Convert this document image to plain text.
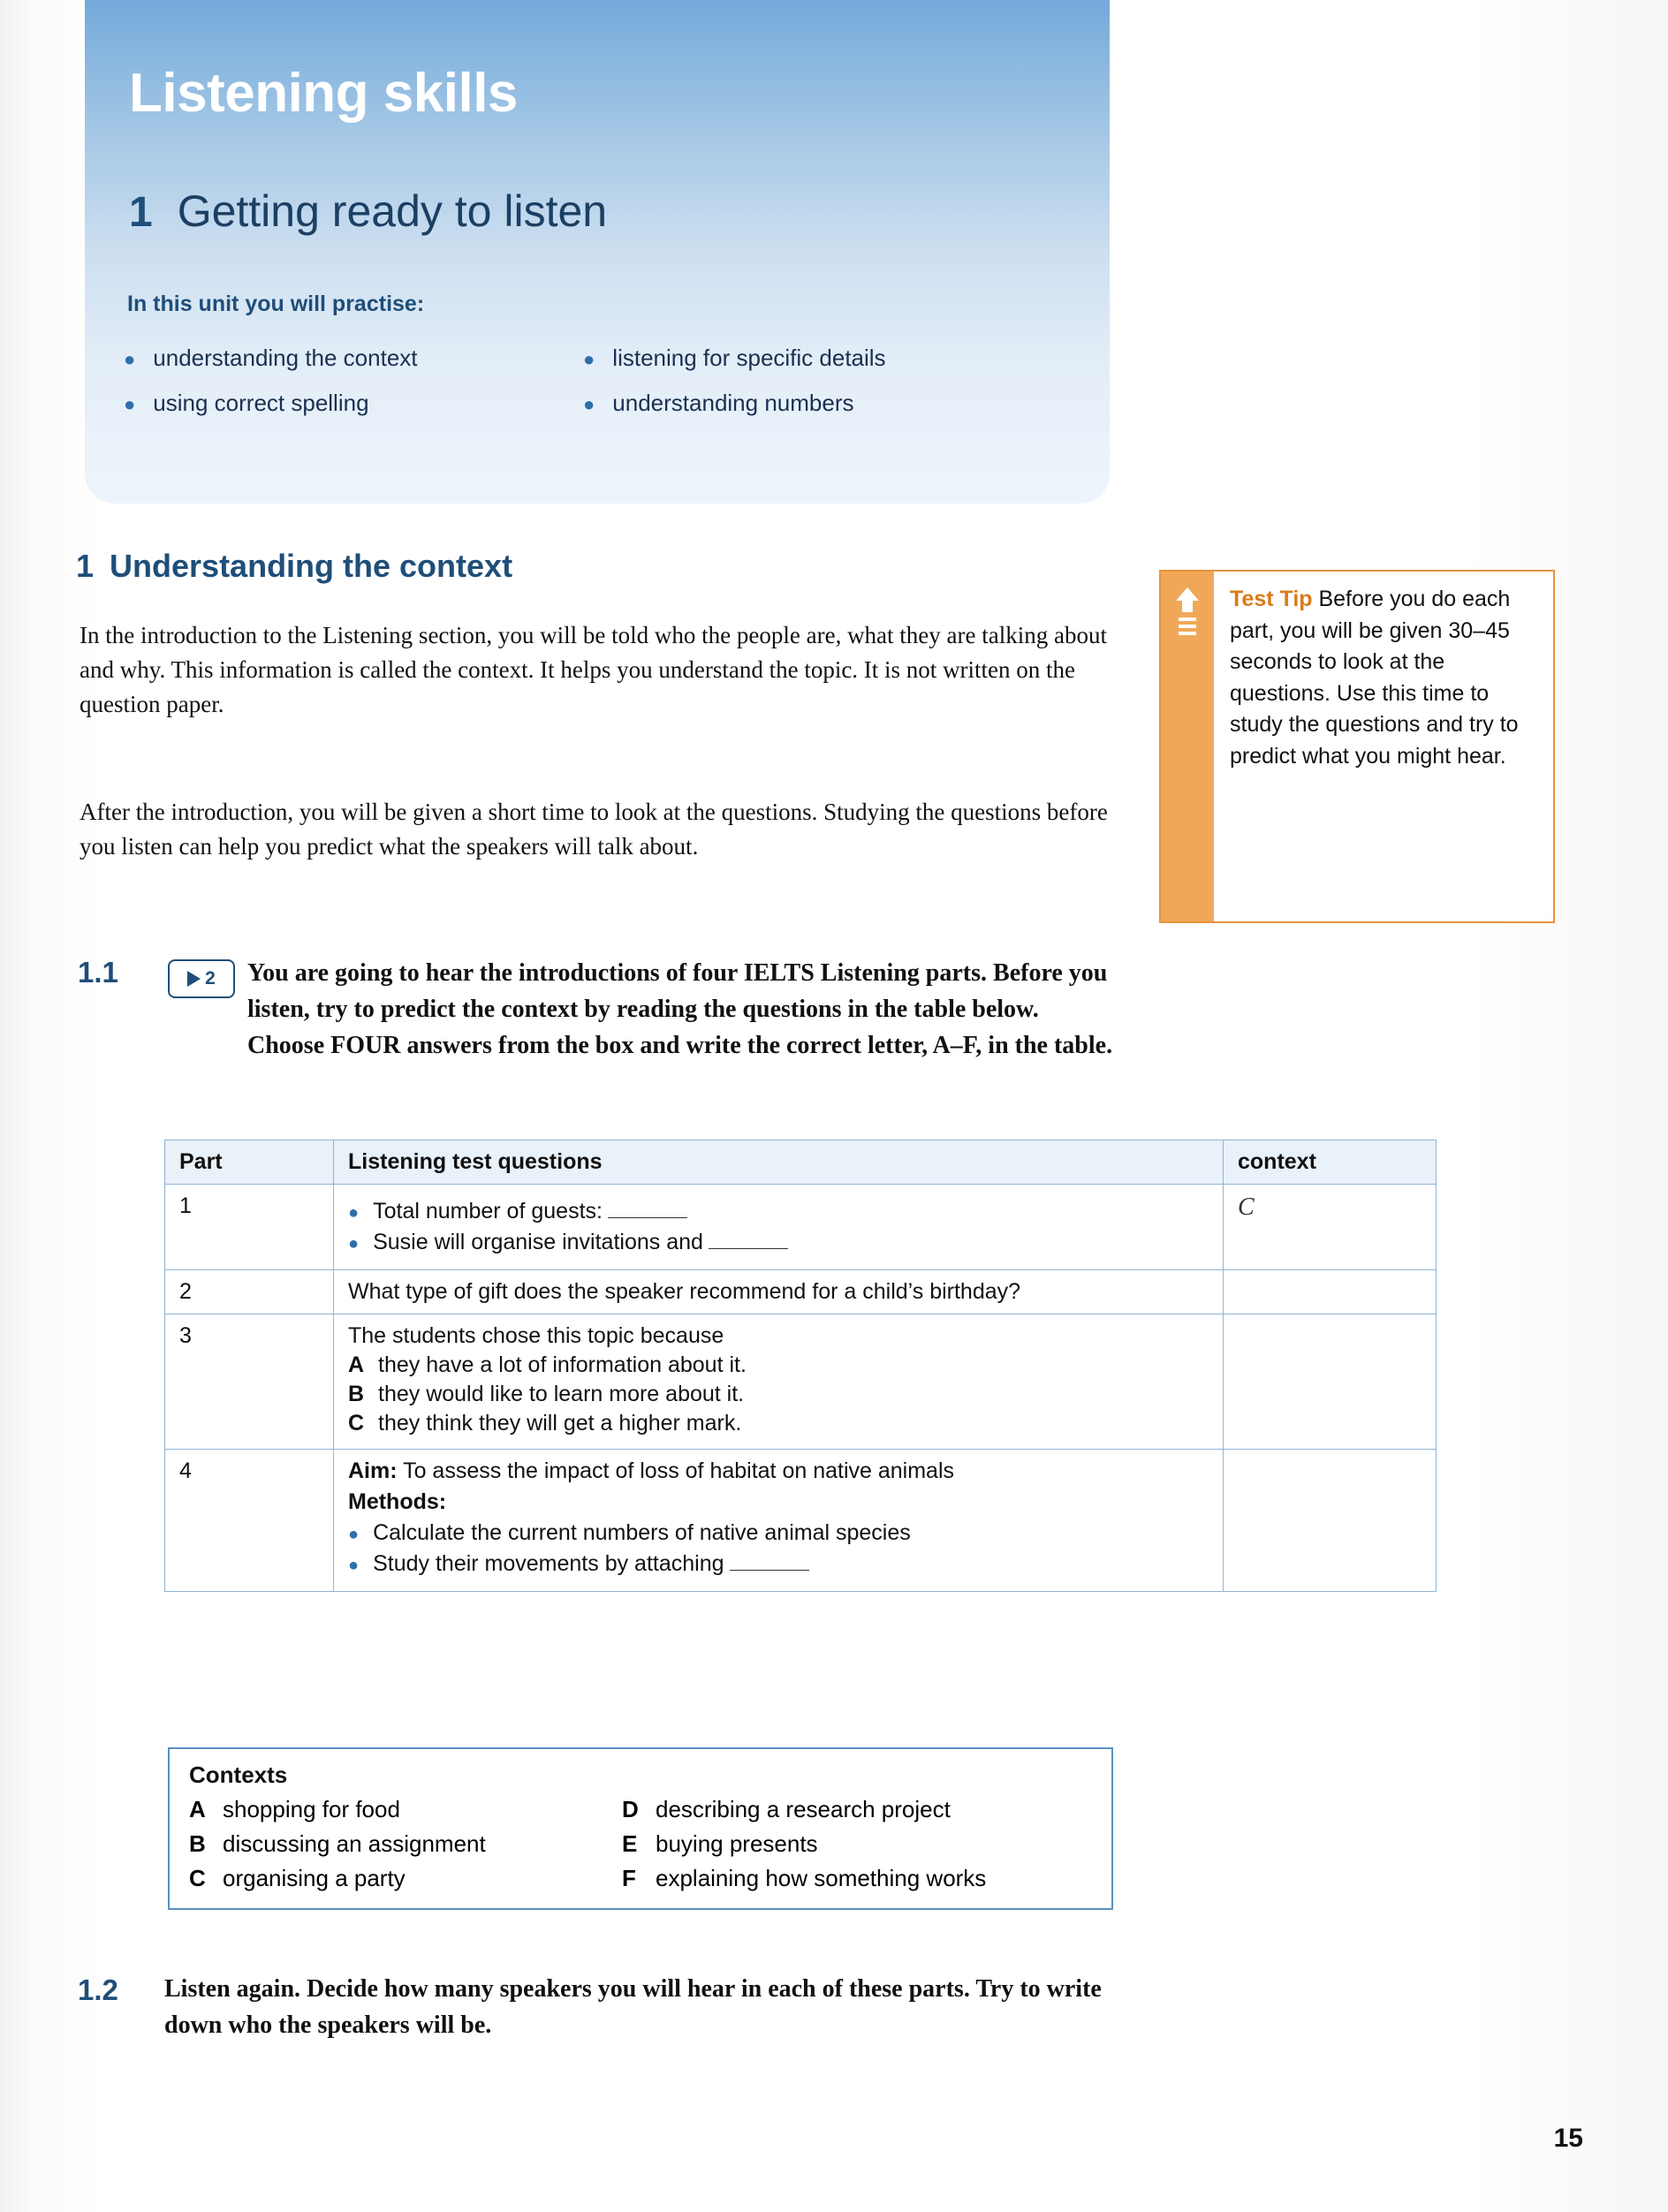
Listening skills
1 Getting ready to listen
In this unit you will practise:
● understanding the context	● listening for specific details
● using correct spelling	● understanding numbers
1 Understanding the context
In the introduction to the Listening section, you will be told who the people are, what they are talking about and why. This information is called the context. It helps you understand the topic. It is not written on the question paper.
After the introduction, you will be given a short time to look at the questions. Studying the questions before you listen can help you predict what the speakers will talk about.
Test Tip Before you do each part, you will be given 30–45 seconds to look at the questions. Use this time to study the questions and try to predict what you might hear.
1.1	2 You are going to hear the introductions of four IELTS Listening parts. Before you listen, try to predict the context by reading the questions in the table below. Choose FOUR answers from the box and write the correct letter, A–F, in the table.
Part	Listening test questions	context
1	● Total number of guests:
● Susie will organise invitations and
	C
2	What type of gift does the speaker recommend for a child’s birthday?	
3	The students chose this topic because
A they have a lot of information about it.
B they would like to learn more about it.
C they think they will get a higher mark.

4	Aim: To assess the impact of loss of habitat on native animals
Methods:
● Calculate the current numbers of native animal species
● Study their movements by attaching

Contexts
A shopping for food	D describing a research project
B discussing an assignment	E buying presents
C organising a party	F explaining how something works
1.2 Listen again. Decide how many speakers you will hear in each of these parts. Try to write down who the speakers will be.
15
